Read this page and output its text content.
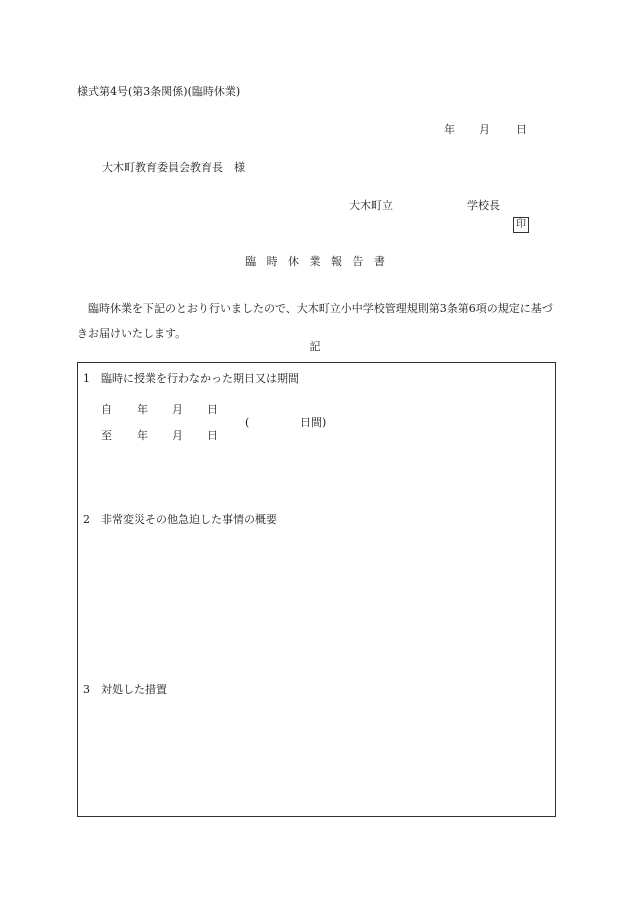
様式第4号(第3条関係)(臨時休業)
年 月 日
大木町教育委員会教育長　様
大木町立	学校長
印
臨時休業報告書
臨時休業を下記のとおり行いましたので、大木町立小中学校管理規則第3条第6項の規定に基づきお届けいたします。
記
1 臨時に授業を行わなかった期日又は期間
自 年 月 日
(	日間)
至 年 月 日
2 非常変災その他急迫した事情の概要
3 対処した措置
